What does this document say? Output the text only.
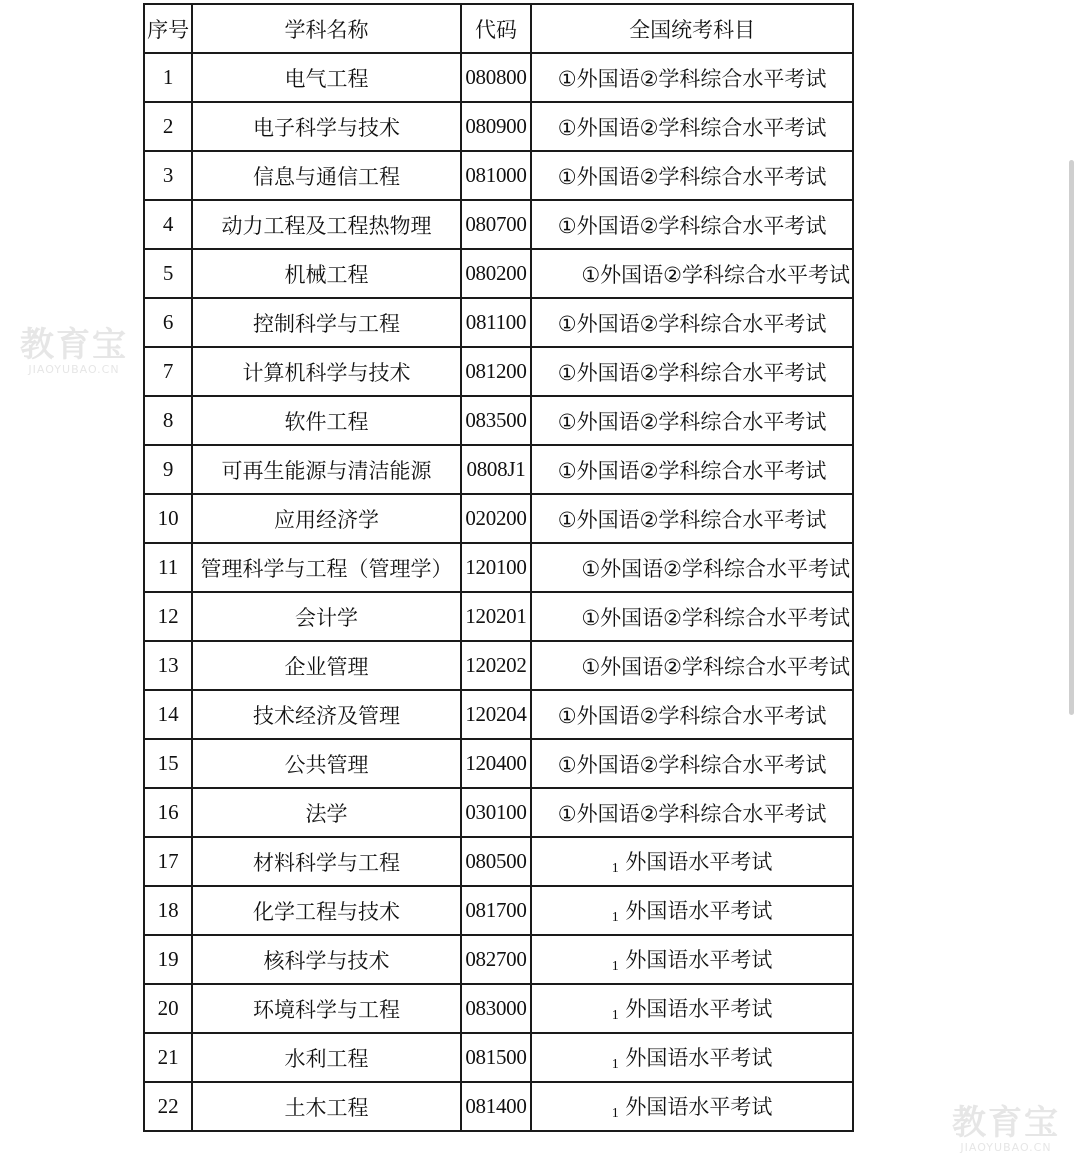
序号	学科名称	代码	全国统考科目
1	电气工程	080800	①外国语②学科综合水平考试
2	电子科学与技术	080900	①外国语②学科综合水平考试
3	信息与通信工程	081000	①外国语②学科综合水平考试
4	动力工程及工程热物理	080700	①外国语②学科综合水平考试
5	机械工程	080200	①外国语②学科综合水平考试
6	控制科学与工程	081100	①外国语②学科综合水平考试
7	计算机科学与技术	081200	①外国语②学科综合水平考试
8	软件工程	083500	①外国语②学科综合水平考试
9	可再生能源与清洁能源	0808J1	①外国语②学科综合水平考试
10	应用经济学	020200	①外国语②学科综合水平考试
11	管理科学与工程（管理学）	120100	①外国语②学科综合水平考试
12	会计学	120201	①外国语②学科综合水平考试
13	企业管理	120202	①外国语②学科综合水平考试
14	技术经济及管理	120204	①外国语②学科综合水平考试
15	公共管理	120400	①外国语②学科综合水平考试
16	法学	030100	①外国语②学科综合水平考试
17	材料科学与工程	080500	1 外国语水平考试
18	化学工程与技术	081700	1 外国语水平考试
19	核科学与技术	082700	1 外国语水平考试
20	环境科学与工程	083000	1 外国语水平考试
21	水利工程	081500	1 外国语水平考试
22	土木工程	081400	1 外国语水平考试
教育宝
JIAOYUBAO.CN
教育宝
JIAOYUBAO.CN
